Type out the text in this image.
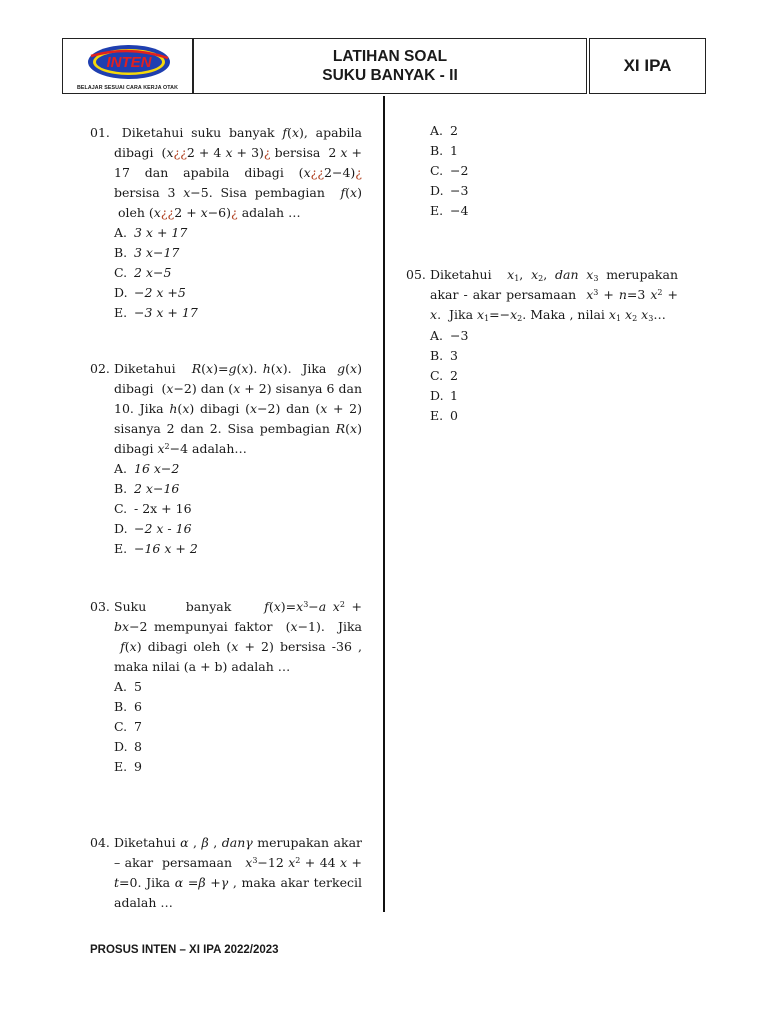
INTEN
BELAJAR SESUAI CARA KERJA OTAK
LATIHAN SOAL
SUKU BANYAK - II
XI IPA
01. Diketahui suku banyak f(x), apabila dibagi  (x¿¿2 + 4 x + 3)¿ bersisa  2 x + 17 dan apabila dibagi (x¿¿2−4)¿ bersisa 3 x−5. Sisa pembagian  f(x)  oleh (x¿¿2 + x−6)¿ adalah …
A. 3 x + 17
B. 3 x−17
C. 2 x−5
D. −2 x +5
E. −3 x + 17
02. Diketahui   R(x)=g(x). h(x).  Jika  g(x) dibagi  (x−2) dan (x + 2) sisanya 6 dan 10. Jika h(x) dibagi (x−2) dan (x + 2) sisanya 2 dan 2. Sisa pembagian R(x) dibagi $x^2-4$ adalah…
A. 16 x−2
B. 2 x−16
C. - 2x + 16
D. −2 x - 16
E. −16 x + 2
03. Suku      banyak     $f(x)=x^3-a$ $x^2 + bx-2$ mempunyai faktor  (x−1).  Jika  f(x) dibagi oleh (x + 2) bersisa -36 , maka nilai (a + b) adalah …
A. 5
B. 6
C. 7
D. 8
E. 9
04. Diketahui α , β , danγ merupakan akar – akar  persamaan   $x^3-12$ $x^2 + 44$ x + t=0. Jika α =β +γ , maka akar terkecil adalah …
A. 2
B. 1
C. −2
D. −3
E. −4
05. Diketahui  $x_1$, $x_2$, dan $x_3$ merupakan akar - akar persamaan  $x^3 + n=3$ $x^2 + x$.  Jika $x_1=-x_2$. Maka , nilai $x_1$ $x_2$ $x_3\dots$
A. −3
B. 3
C. 2
D. 1
E. 0
PROSUS INTEN – XI IPA 2022/2023
